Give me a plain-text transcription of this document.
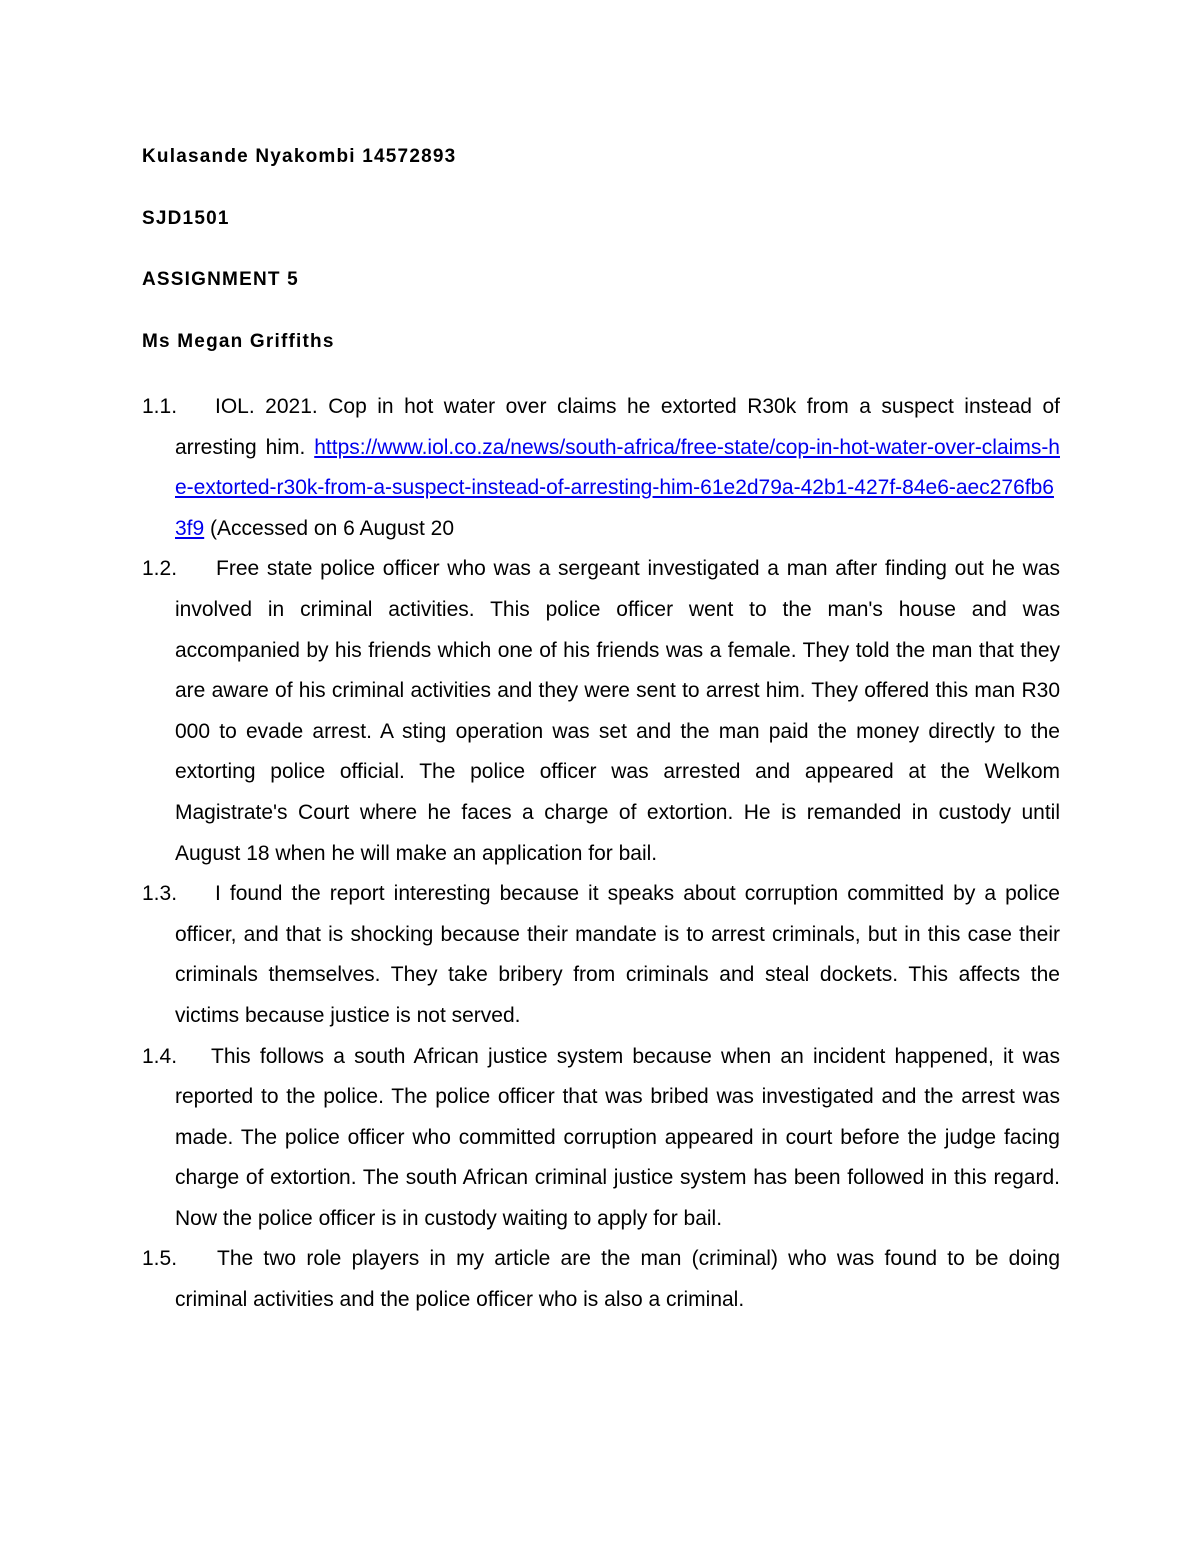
Kulasande Nyakombi 14572893
SJD1501
ASSIGNMENT 5
Ms Megan Griffiths
1.1.	IOL. 2021. Cop in hot water over claims he extorted R30k from a suspect instead of arresting him. https://www.iol.co.za/news/south-africa/free-state/cop-in-hot-water-over-claims-he-extorted-r30k-from-a-suspect-instead-of-arresting-him-61e2d79a-42b1-427f-84e6-aec276fb63f9 (Accessed on 6 August 20
1.2.	Free state police officer who was a sergeant investigated a man after finding out he was involved in criminal activities. This police officer went to the man's house and was accompanied by his friends which one of his friends was a female. They told the man that they are aware of his criminal activities and they were sent to arrest him. They offered this man R30 000 to evade arrest. A sting operation was set and the man paid the money directly to the extorting police official. The police officer was arrested and appeared at the Welkom Magistrate's Court where he faces a charge of extortion. He is remanded in custody until August 18 when he will make an application for bail.
1.3.	I found the report interesting because it speaks about corruption committed by a police officer, and that is shocking because their mandate is to arrest criminals, but in this case their criminals themselves. They take bribery from criminals and steal dockets. This affects the victims because justice is not served.
1.4.	This follows a south African justice system because when an incident happened, it was reported to the police. The police officer that was bribed was investigated and the arrest was made. The police officer who committed corruption appeared in court before the judge facing charge of extortion. The south African criminal justice system has been followed in this regard. Now the police officer is in custody waiting to apply for bail.
1.5.	The two role players in my article are the man (criminal) who was found to be doing criminal activities and the police officer who is also a criminal.
